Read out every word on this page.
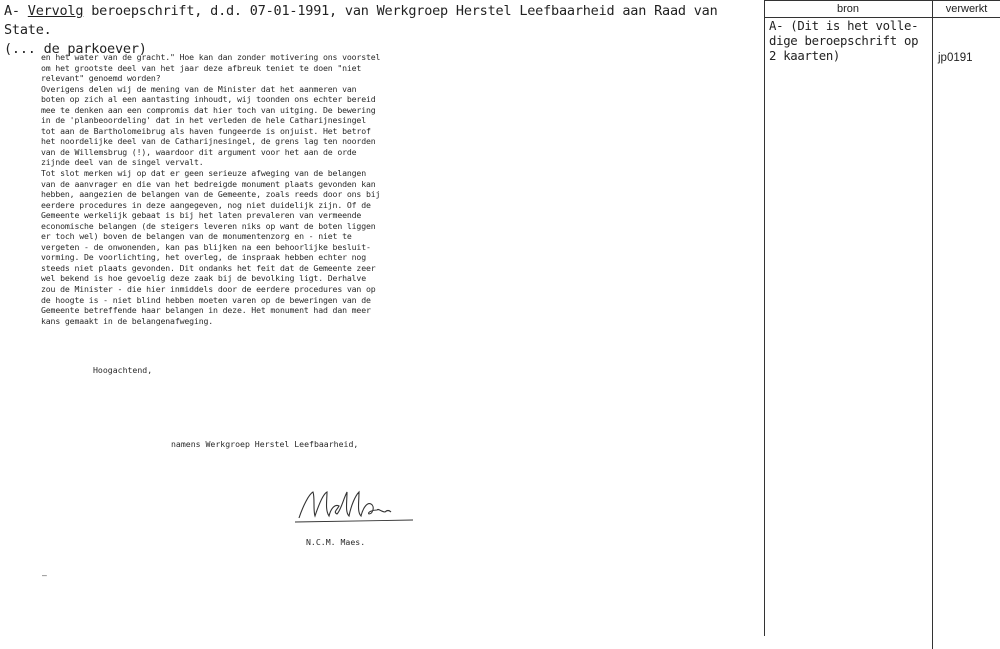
A- Vervolg beroepschrift, d.d. 07-01-1991, van Werkgroep Herstel Leefbaarheid aan Raad van State.
(... de parkoever)

en het water van de gracht." Hoe kan dan zonder motivering ons voorstel

om het grootste deel van het jaar deze afbreuk teniet te doen "niet

relevant" genoemd worden?

Overigens delen wij de mening van de Minister dat het aanmeren van

boten op zich al een aantasting inhoudt, wij toonden ons echter bereid

mee te denken aan een compromis dat hier toch van uitging. De bewering

in de 'planbeoordeling' dat in het verleden de hele Catharijnesingel

tot aan de Bartholomeibrug als haven fungeerde is onjuist. Het betrof

het noordelijke deel van de Catharijnesingel, de grens lag ten noorden

van de Willemsbrug (!), waardoor dit argument voor het aan de orde

zijnde deel van de singel vervalt.

Tot slot merken wij op dat er geen serieuze afweging van de belangen

van de aanvrager en die van het bedreigde monument plaats gevonden kan

hebben, aangezien de belangen van de Gemeente, zoals reeds door ons bij

eerdere procedures in deze aangegeven, nog niet duidelijk zijn. Of de

Gemeente werkelijk gebaat is bij het laten prevaleren van vermeende

economische belangen (de steigers leveren niks op want de boten liggen

er toch wel) boven de belangen van de monumentenzorg en - niet te

vergeten - de onwonenden, kan pas blijken na een behoorlijke besluit-

vorming. De voorlichting, het overleg, de inspraak hebben echter nog

steeds niet plaats gevonden. Dit ondanks het feit dat de Gemeente zeer

wel bekend is hoe gevoelig deze zaak bij de bevolking ligt. Derhalve

zou de Minister - die hier inmiddels door de eerdere procedures van op

de hoogte is - niet blind hebben moeten varen op de beweringen van de

Gemeente betreffende haar belangen in deze. Het monument had dan meer

kans gemaakt in de belangenafweging.

Hoogachtend,
namens Werkgroep Herstel Leefbaarheid,
N.C.M. Maes.
–
bron	verwerkt
A- (Dit is het volle-
dige beroepschrift op
2 kaarten)	jp0191
